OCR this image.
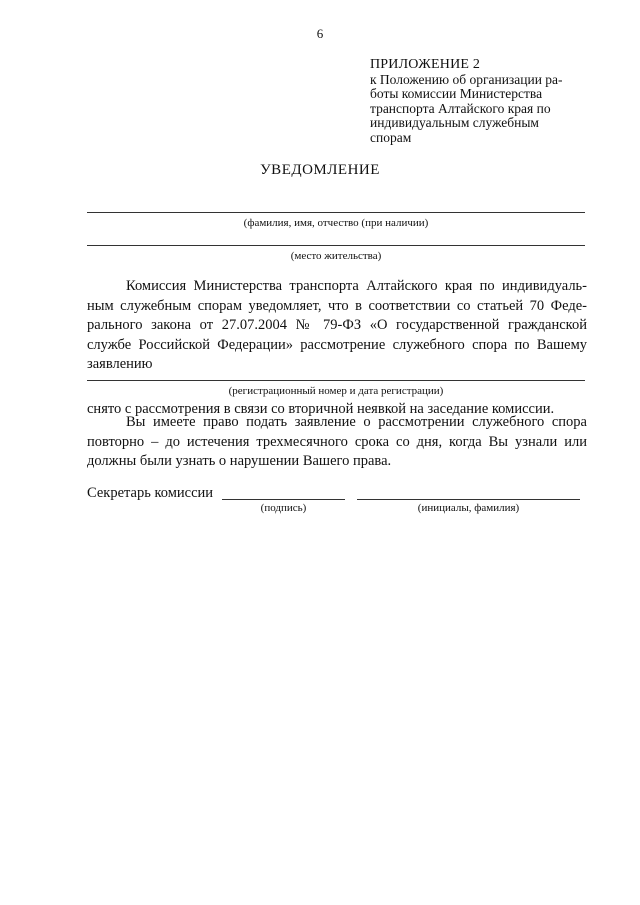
6
ПРИЛОЖЕНИЕ 2
к Положению об организации ра-
боты комиссии Министерства
транспорта Алтайского края по
индивидуальным служебным
спорам
УВЕДОМЛЕНИЕ
(фамилия, имя, отчество (при наличии)
(место жительства)
Комиссия Министерства транспорта Алтайского края по индивидуаль-ным служебным спорам уведомляет, что в соответствии со статьей 70 Феде-рального закона от 27.07.2004 № 79-ФЗ «О государственной гражданской службе Российской Федерации» рассмотрение служебного спора по Вашему заявлению
(регистрационный номер и дата регистрации)
снято с рассмотрения в связи со вторичной неявкой на заседание комиссии.
Вы имеете право подать заявление о рассмотрении служебного спора повторно – до истечения трехмесячного срока со дня, когда Вы узнали или должны были узнать о нарушении Вашего права.
Секретарь комиссии
(подпись)	(инициалы, фамилия)
